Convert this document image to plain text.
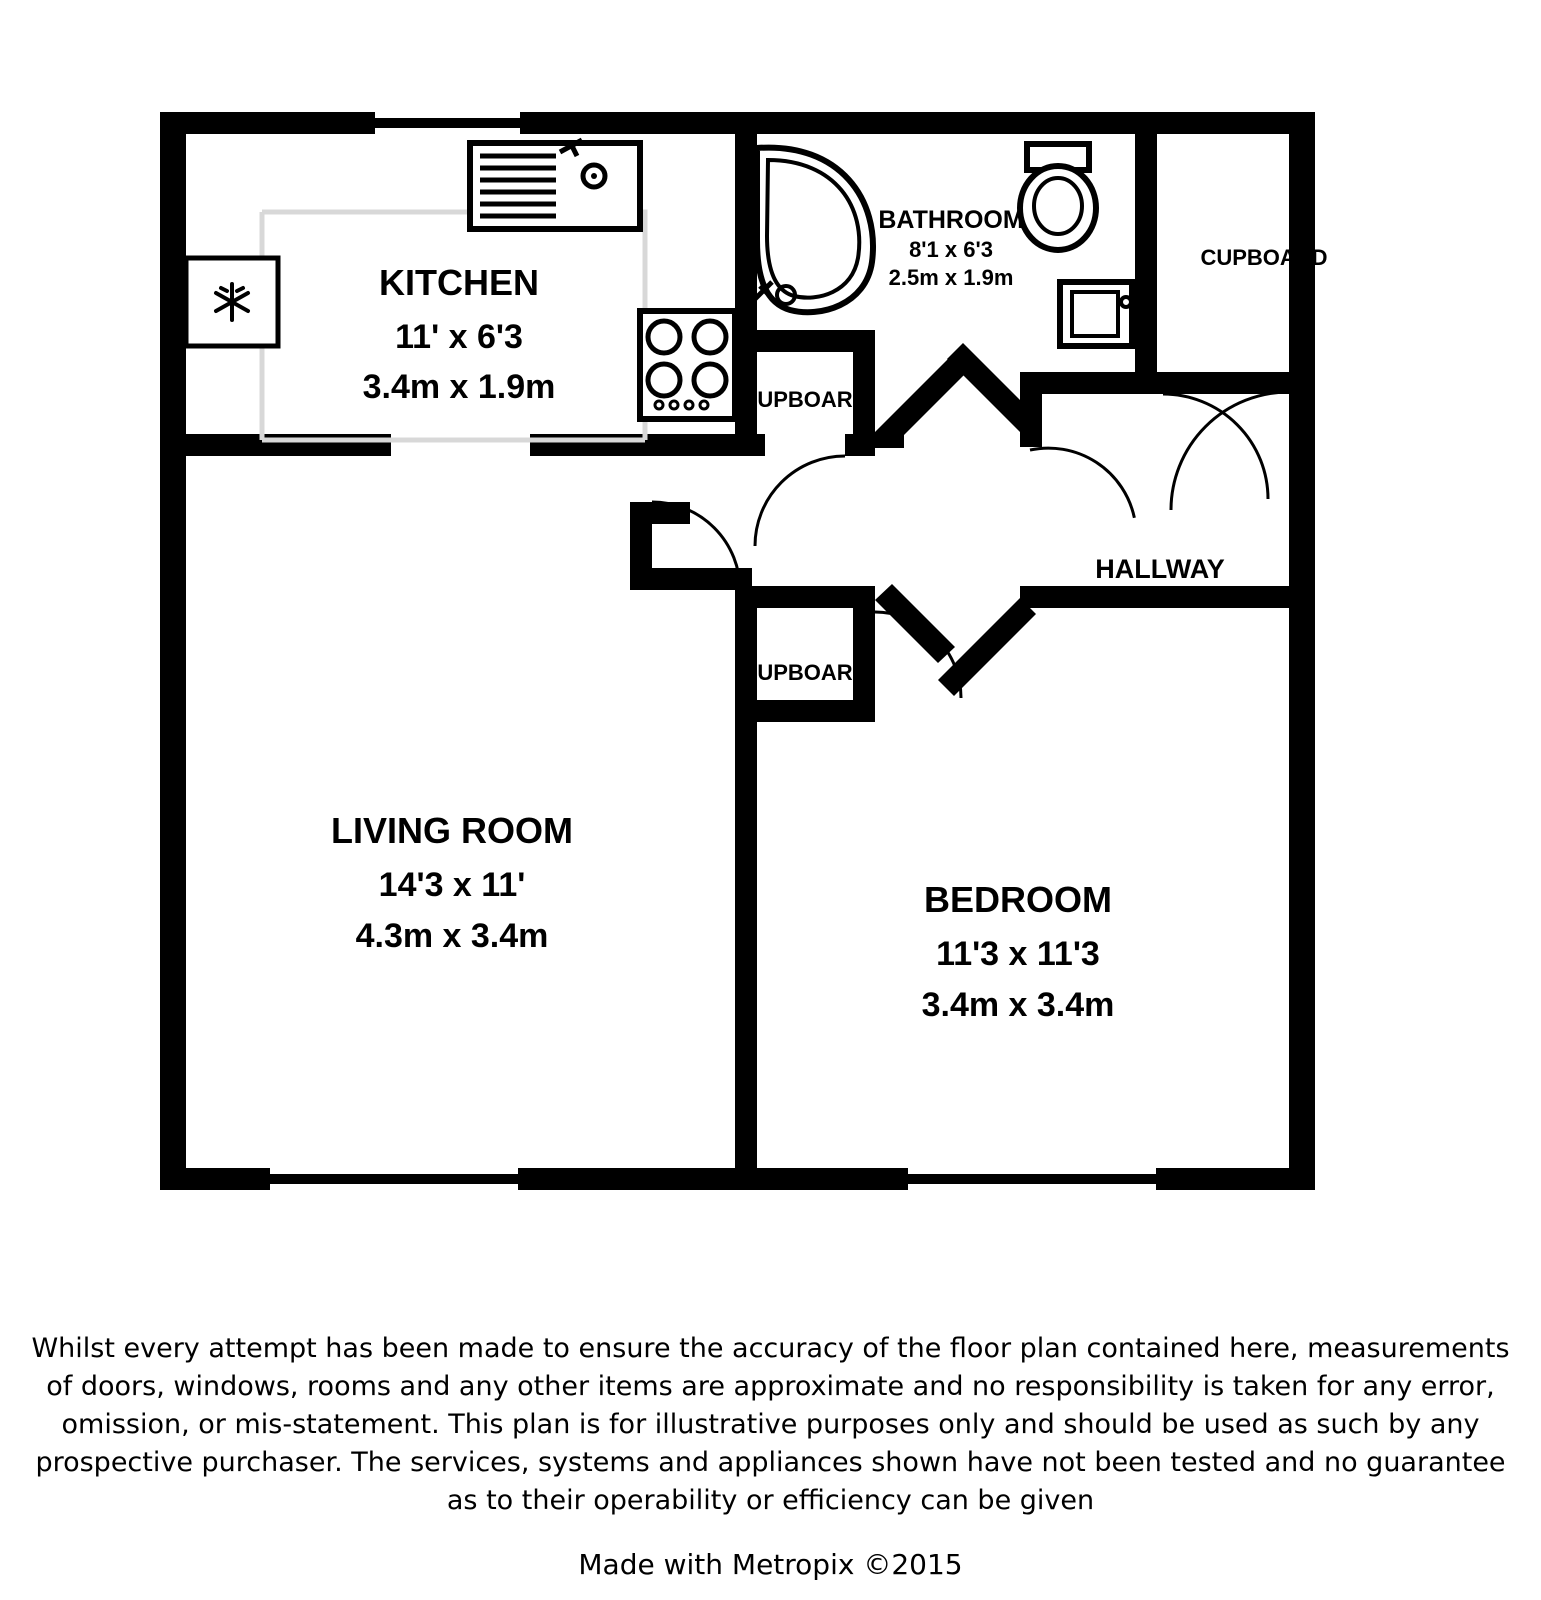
KITCHEN
11' x 6'3
3.4m x 1.9m
BATHROOM
8'1 x 6'3
2.5m x 1.9m
LIVING ROOM
14'3 x 11'
4.3m x 3.4m
BEDROOM
11'3 x 11'3
3.4m x 3.4m
CUPBOARD
CUPBOARD
CUPBOARD
HALLWAY
Whilst every attempt has been made to ensure the accuracy of the floor plan contained here, measurements
of doors, windows, rooms and any other items are approximate and no responsibility is taken for any error,
omission, or mis-statement. This plan is for illustrative purposes only and should be used as such by any
prospective purchaser. The services, systems and appliances shown have not been tested and no guarantee
as to their operability or efficiency can be given
Made with Metropix ©2015
